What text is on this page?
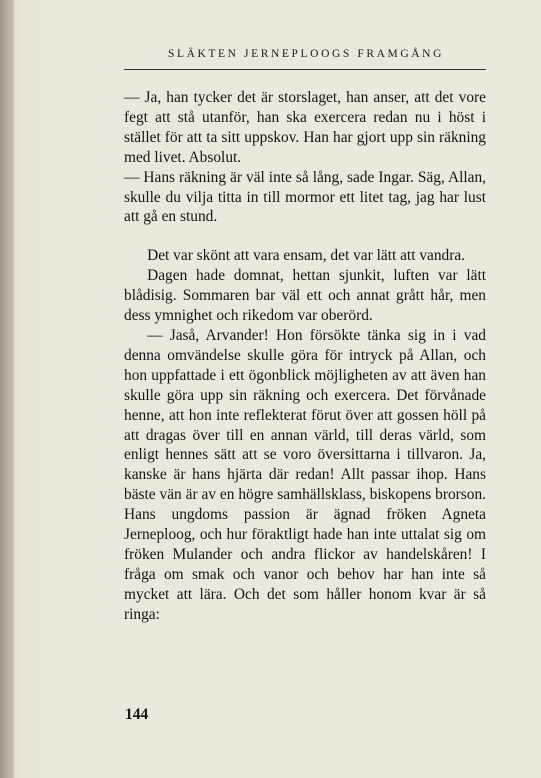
SLÄKTEN JERNEPLOOGS FRAMGÅNG

— Ja, han tycker det är storslaget, han anser, att det vore fegt att stå utanför, han ska exercera redan nu i höst i stället för att ta sitt uppskov. Han har gjort upp sin räkning med livet. Absolut.

— Hans räkning är väl inte så lång, sade Ingar. Säg, Allan, skulle du vilja titta in till mormor ett litet tag, jag har lust att gå en stund.

Det var skönt att vara ensam, det var lätt att vandra.

Dagen hade domnat, hettan sjunkit, luften var lätt blådisig. Sommaren bar väl ett och annat grått hår, men dess ymnighet och rikedom var oberörd.

— Jaså, Arvander! Hon försökte tänka sig in i vad denna omvändelse skulle göra för intryck på Allan, och hon uppfattade i ett ögonblick möjligheten av att även han skulle göra upp sin räkning och exercera. Det förvånade henne, att hon inte reflekterat förut över att gossen höll på att dragas över till en annan värld, till deras värld, som enligt hennes sätt att se voro översittarna i tillvaron. Ja, kanske är hans hjärta där redan! Allt passar ihop. Hans bäste vän är av en högre samhällsklass, biskopens brorson. Hans ungdoms passion är ägnad fröken Agneta Jerneploog, och hur föraktligt hade han inte uttalat sig om fröken Mulander och andra flickor av handelskåren! I fråga om smak och vanor och behov har han inte så mycket att lära. Och det som håller honom kvar är så ringa:

144
